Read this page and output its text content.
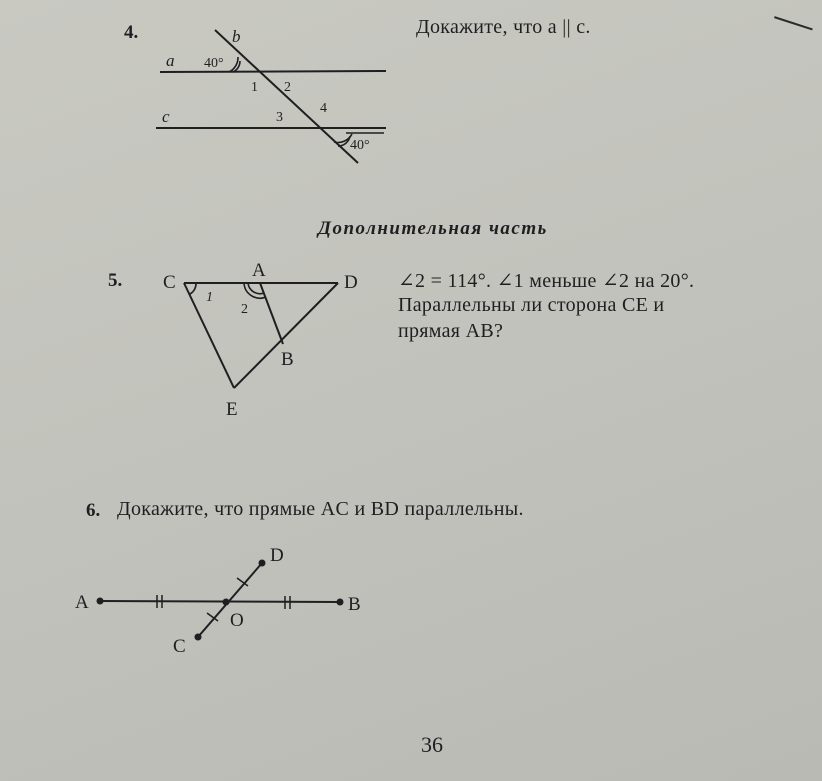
4.	Докажите, что a || c.
b
a
c
40°
40°
1 2
3
4
Дополнительная часть
5.	∠2 = 114°. ∠1 меньше ∠2 на 20°.
Параллельны ли сторона CE и
прямая AB?
C
A
D
B
E
1
2
6. Докажите, что прямые AC и BD параллельны.
A	B
C
D
O
36
